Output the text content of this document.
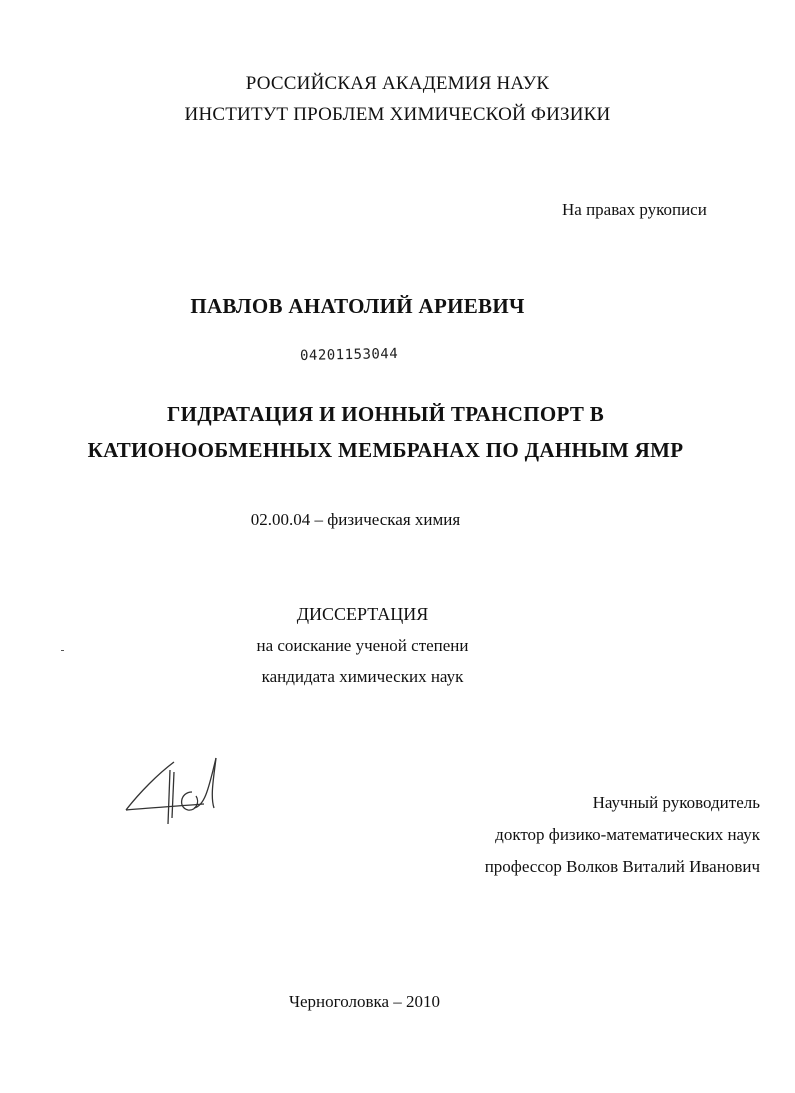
РОССИЙСКАЯ АКАДЕМИЯ НАУК
ИНСТИТУТ ПРОБЛЕМ ХИМИЧЕСКОЙ ФИЗИКИ
На правах рукописи
ПАВЛОВ АНАТОЛИЙ АРИЕВИЧ
04201153044
ГИДРАТАЦИЯ И ИОННЫЙ ТРАНСПОРТ В
КАТИОНООБМЕННЫХ МЕМБРАНАХ ПО ДАННЫМ ЯМР
02.00.04 – физическая химия
ДИССЕРТАЦИЯ
на соискание ученой степени
кандидата химических наук
Научный руководитель
доктор физико-математических наук
профессор Волков Виталий Иванович
Черноголовка – 2010
